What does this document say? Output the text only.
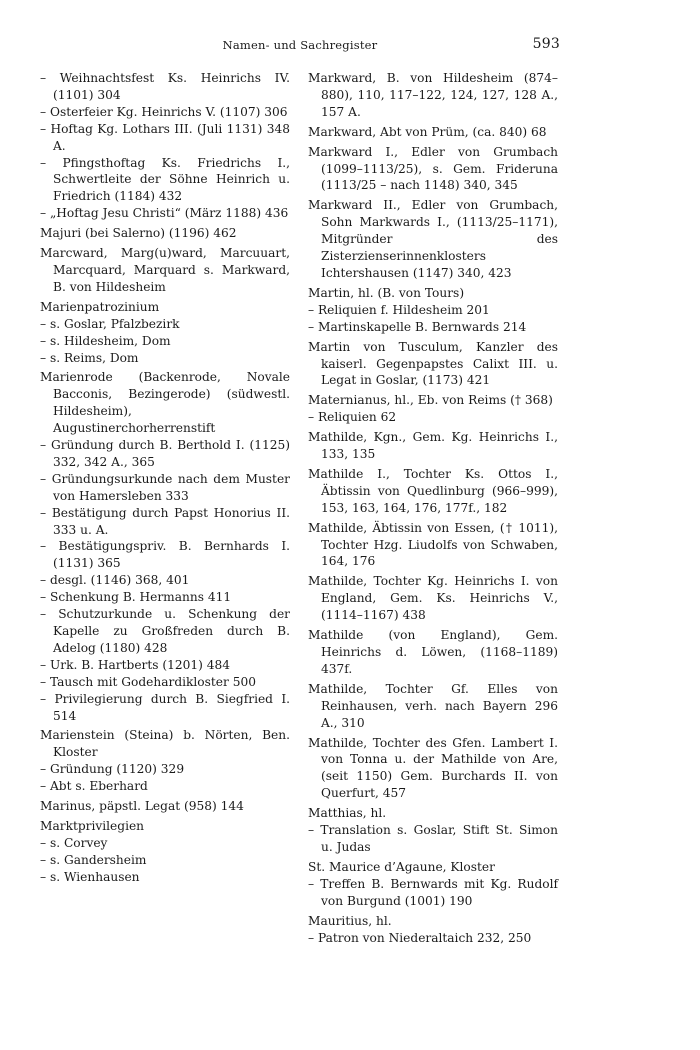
Namen- und Sachregister	593
– Weihnachtsfest Ks. Heinrichs IV. (1101) 304
– Osterfeier Kg. Heinrichs V. (1107) 306
– Hoftag Kg. Lothars III. (Juli 1131) 348 A.
– Pfingsthoftag Ks. Friedrichs I., Schwertleite der Söhne Heinrich u. Friedrich (1184) 432
– „Hoftag Jesu Christi“ (März 1188) 436
Majuri (bei Salerno) (1196) 462
Marcward, Marg(u)ward, Marcuuart, Marcquard, Marquard s. Markward, B. von Hildesheim
Marienpatrozinium
– s. Goslar, Pfalzbezirk
– s. Hildesheim, Dom
– s. Reims, Dom
Marienrode (Backenrode, Novale Bacconis, Bezingerode) (südwestl. Hildesheim), Augustinerchorherrenstift
– Gründung durch B. Berthold I. (1125) 332, 342 A., 365
– Gründungsurkunde nach dem Muster von Hamersleben 333
– Bestätigung durch Papst Honorius II. 333 u. A.
– Bestätigungspriv. B. Bernhards I. (1131) 365
– desgl. (1146) 368, 401
– Schenkung B. Hermanns 411
– Schutzurkunde u. Schenkung der Kapelle zu Großfreden durch B. Adelog (1180) 428
– Urk. B. Hartberts (1201) 484
– Tausch mit Godehardikloster 500
– Privilegierung durch B. Siegfried I. 514
Marienstein (Steina) b. Nörten, Ben. Kloster
– Gründung (1120) 329
– Abt s. Eberhard
Marinus, päpstl. Legat (958) 144
Marktprivilegien
– s. Corvey
– s. Gandersheim
– s. Wienhausen
Markward, B. von Hildesheim (874–880), 110, 117–122, 124, 127, 128 A., 157 A.
Markward, Abt von Prüm, (ca. 840) 68
Markward I., Edler von Grumbach (1099–1113/25), s. Gem. Frideruna (1113/25 – nach 1148) 340, 345
Markward II., Edler von Grumbach, Sohn Markwards I., (1113/25–1171), Mitgründer des Zisterzienserinnenklosters Ichtershausen (1147) 340, 423
Martin, hl. (B. von Tours)
– Reliquien f. Hildesheim 201
– Martinskapelle B. Bernwards 214
Martin von Tusculum, Kanzler des kaiserl. Gegenpapstes Calixt III. u. Legat in Goslar, (1173) 421
Maternianus, hl., Eb. von Reims († 368)
– Reliquien 62
Mathilde, Kgn., Gem. Kg. Heinrichs I., 133, 135
Mathilde I., Tochter Ks. Ottos I., Äbtissin von Quedlinburg (966–999), 153, 163, 164, 176, 177f., 182
Mathilde, Äbtissin von Essen, († 1011), Tochter Hzg. Liudolfs von Schwaben, 164, 176
Mathilde, Tochter Kg. Heinrichs I. von England, Gem. Ks. Heinrichs V., (1114–1167) 438
Mathilde (von England), Gem. Heinrichs d. Löwen, (1168–1189) 437f.
Mathilde, Tochter Gf. Elles von Reinhausen, verh. nach Bayern 296 A., 310
Mathilde, Tochter des Gfen. Lambert I. von Tonna u. der Mathilde von Are, (seit 1150) Gem. Burchards II. von Querfurt, 457
Matthias, hl.
– Translation s. Goslar, Stift St. Simon u. Judas
St. Maurice d’Agaune, Kloster
– Treffen B. Bernwards mit Kg. Rudolf von Burgund (1001) 190
Mauritius, hl.
– Patron von Niederaltaich 232, 250
